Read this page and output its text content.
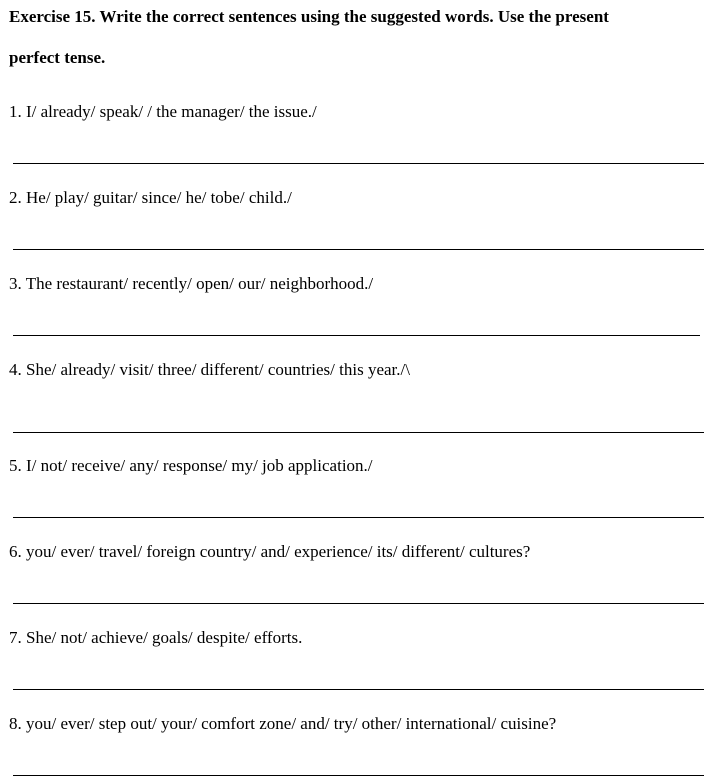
Exercise 15. Write the correct sentences using the suggested words. Use the present
perfect tense.
1. I/ already/ speak/ / the manager/ the issue./
2. He/ play/ guitar/ since/ he/ tobe/ child./
3. The restaurant/ recently/ open/ our/ neighborhood./
4. She/ already/ visit/ three/ different/ countries/ this year./\
5. I/ not/ receive/ any/ response/ my/ job application./
6. you/ ever/ travel/ foreign country/ and/ experience/ its/ different/ cultures?
7. She/ not/ achieve/ goals/ despite/ efforts.
8. you/ ever/ step out/ your/ comfort zone/ and/ try/ other/ international/ cuisine?
